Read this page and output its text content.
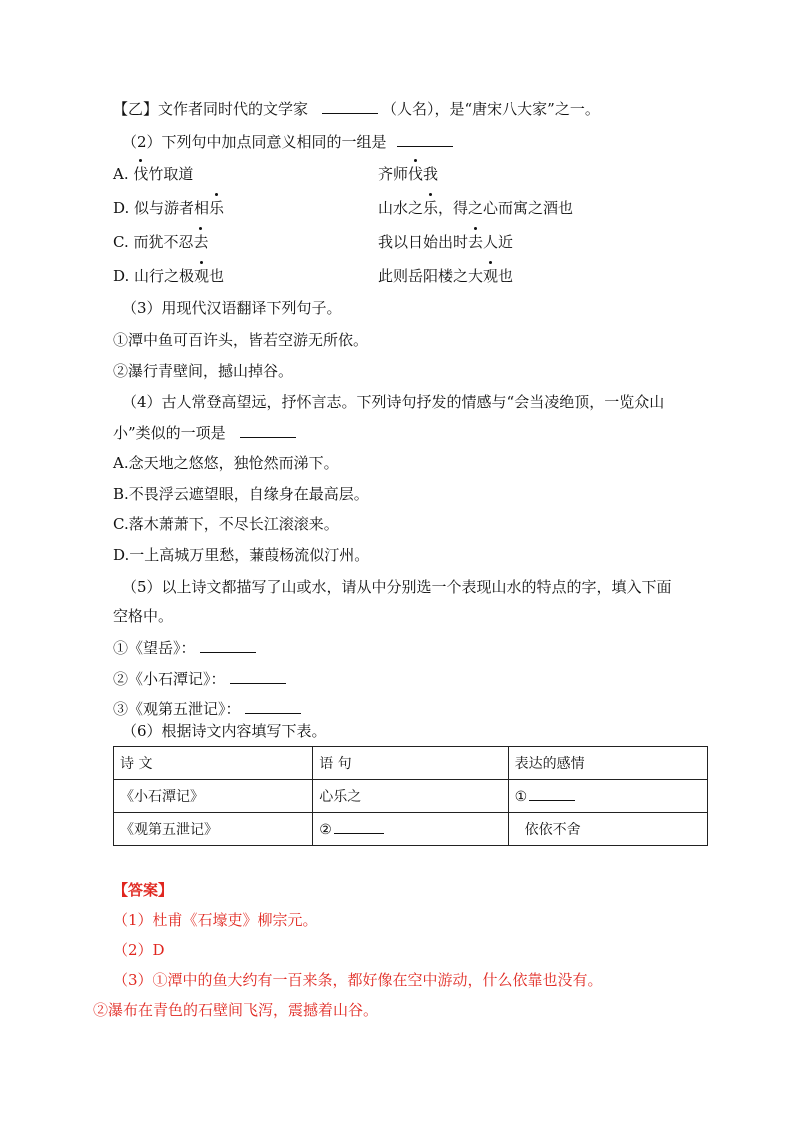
【乙】文作者同时代的文学家	（人名），是“唐宋八大家”之一。
（2）下列句中加点同意义相同的一组是
A. 伐竹取道	齐师伐我
D. 似与游者相乐	山水之乐，得之心而寓之酒也
C. 而犹不忍去	我以日始出时去人近
D. 山行之极观也	此则岳阳楼之大观也
（3）用现代汉语翻译下列句子。
①潭中鱼可百许头，皆若空游无所依。
②瀑行青壁间，撼山掉谷。
（4）古人常登高望远，抒怀言志。下列诗句抒发的情感与“会当凌绝顶，一览众山
小”类似的一项是
A.念天地之悠悠，独怆然而涕下。
B.不畏浮云遮望眼，自缘身在最高层。
C.落木萧萧下，不尽长江滚滚来。
D.一上高城万里愁，蒹葭杨流似汀州。
（5）以上诗文都描写了山或水，请从中分别选一个表现山水的特点的字，填入下面
空格中。
①《望岳》：
②《小石潭记》：
③《观第五泄记》：
（6）根据诗文内容填写下表。
诗 文	语 句	表达的感情
《小石潭记》	心乐之	①
《观第五泄记》	②	依依不舍
【答案】
（1）杜甫《石壕吏》柳宗元。
（2）D
（3）①潭中的鱼大约有一百来条，都好像在空中游动，什么依靠也没有。
②瀑布在青色的石壁间飞泻，震撼着山谷。
